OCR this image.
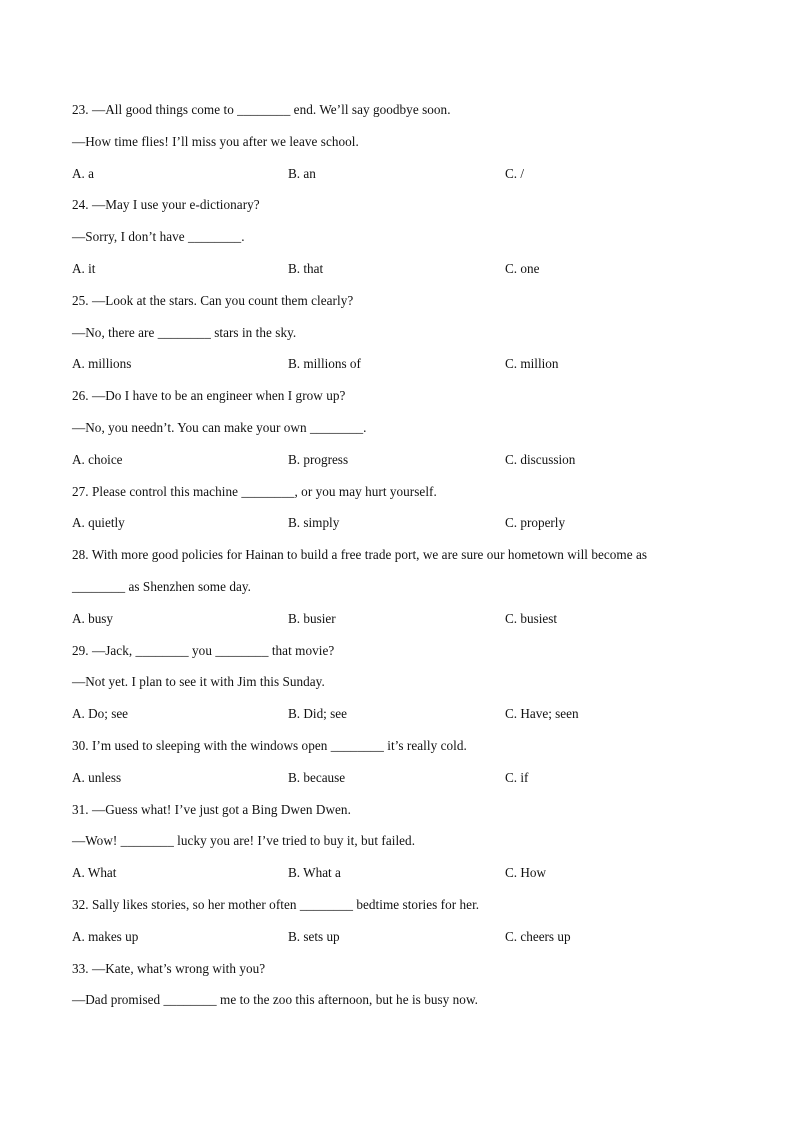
23. —All good things come to ________ end. We’ll say goodbye soon.
—How time flies! I’ll miss you after we leave school.
A. a	B. an	C. /
24. —May I use your e-dictionary?
—Sorry, I don’t have ________.
A. it	B. that	C. one
25. —Look at the stars. Can you count them clearly?
—No, there are ________ stars in the sky.
A. millions	B. millions of	C. million
26. —Do I have to be an engineer when I grow up?
—No, you needn’t. You can make your own ________.
A. choice	B. progress	C. discussion
27. Please control this machine ________, or you may hurt yourself.
A. quietly	B. simply	C. properly
28. With more good policies for Hainan to build a free trade port, we are sure our hometown will become as
________ as Shenzhen some day.
A. busy	B. busier	C. busiest
29. —Jack, ________ you ________ that movie?
—Not yet. I plan to see it with Jim this Sunday.
A. Do; see	B. Did; see	C. Have; seen
30. I’m used to sleeping with the windows open ________ it’s really cold.
A. unless	B. because	C. if
31. —Guess what! I’ve just got a Bing Dwen Dwen.
—Wow! ________ lucky you are! I’ve tried to buy it, but failed.
A. What	B. What a	C. How
32. Sally likes stories, so her mother often ________ bedtime stories for her.
A. makes up	B. sets up	C. cheers up
33. —Kate, what’s wrong with you?
—Dad promised ________ me to the zoo this afternoon, but he is busy now.
